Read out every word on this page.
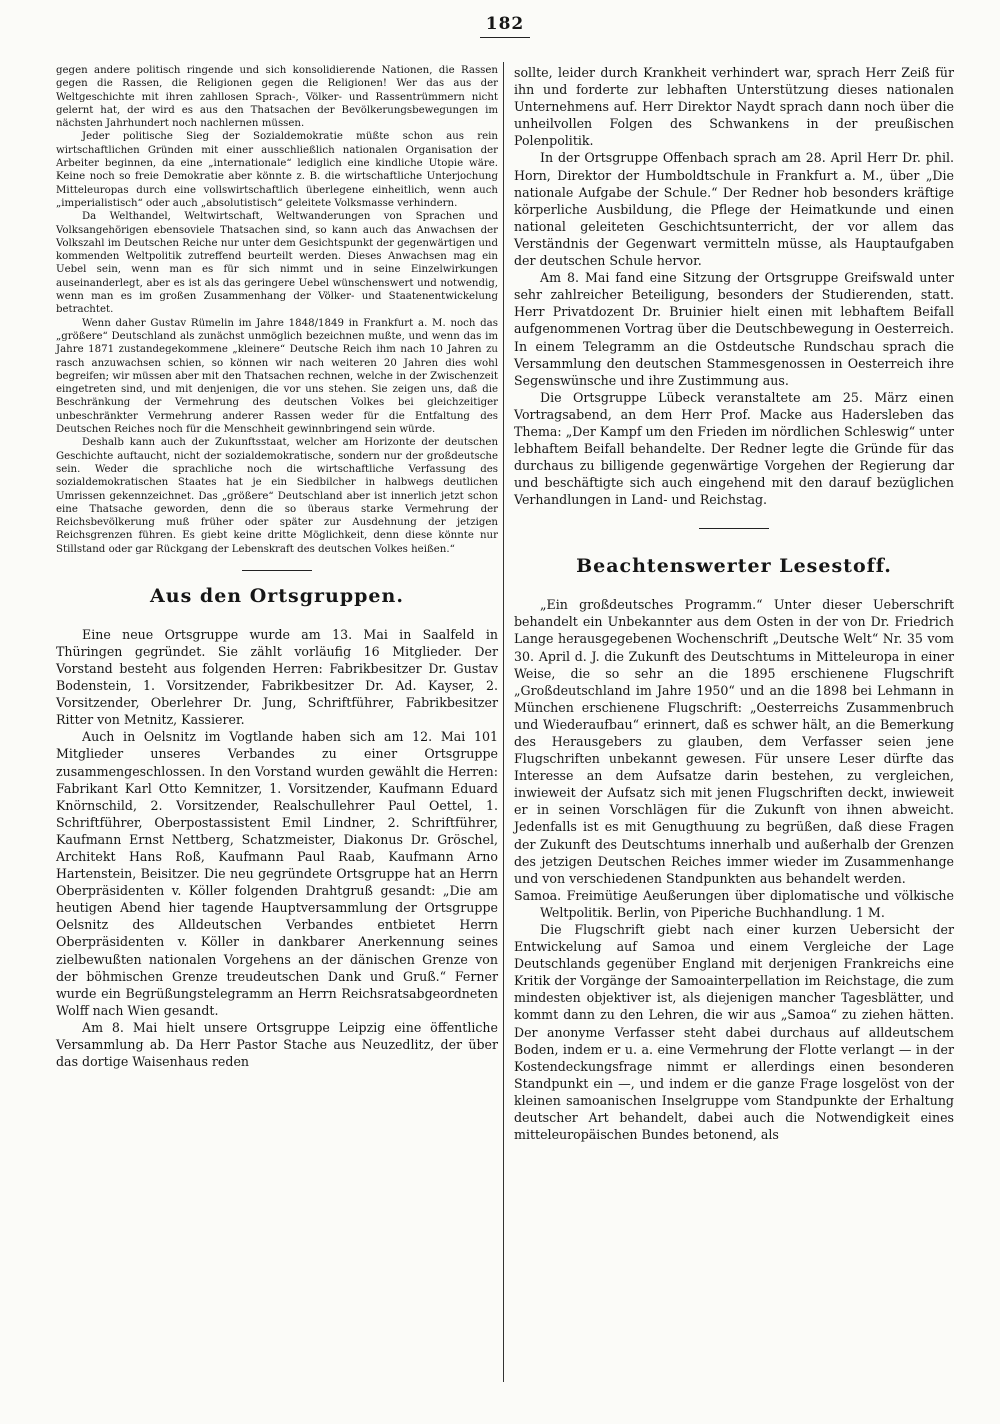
182

gegen andere politisch ringende und sich konsolidierende Nationen, die Rassen gegen die Rassen, die Religionen gegen die Religionen! Wer das aus der Weltgeschichte mit ihren zahllosen Sprach-, Völker- und Rassentrümmern nicht gelernt hat, der wird es aus den Thatsachen der Bevölkerungsbewegungen im nächsten Jahrhundert noch nachlernen müssen.

Jeder politische Sieg der Sozialdemokratie müßte schon aus rein wirtschaftlichen Gründen mit einer ausschließlich nationalen Organisation der Arbeiter beginnen, da eine „internationale“ lediglich eine kindliche Utopie wäre. Keine noch so freie Demokratie aber könnte z. B. die wirtschaftliche Unterjochung Mitteleuropas durch eine vollswirtschaftlich überlegene einheitlich, wenn auch „imperialistisch“ oder auch „absolutistisch“ geleitete Volksmasse verhindern.

Da Welthandel, Weltwirtschaft, Weltwanderungen von Sprachen und Volksangehörigen ebensoviele Thatsachen sind, so kann auch das Anwachsen der Volkszahl im Deutschen Reiche nur unter dem Gesichtspunkt der gegenwärtigen und kommenden Weltpolitik zutreffend beurteilt werden. Dieses Anwachsen mag ein Uebel sein, wenn man es für sich nimmt und in seine Einzelwirkungen auseinanderlegt, aber es ist als das geringere Uebel wünschenswert und notwendig, wenn man es im großen Zusammenhang der Völker- und Staatenentwickelung betrachtet.

Wenn daher Gustav Rümelin im Jahre 1848/1849 in Frankfurt a. M. noch das „größere“ Deutschland als zunächst unmöglich bezeichnen mußte, und wenn das im Jahre 1871 zustandegekommene „kleinere“ Deutsche Reich ihm nach 10 Jahren zu rasch anzuwachsen schien, so können wir nach weiteren 20 Jahren dies wohl begreifen; wir müssen aber mit den Thatsachen rechnen, welche in der Zwischenzeit eingetreten sind, und mit denjenigen, die vor uns stehen. Sie zeigen uns, daß die Beschränkung der Vermehrung des deutschen Volkes bei gleichzeitiger unbeschränkter Vermehrung anderer Rassen weder für die Entfaltung des Deutschen Reiches noch für die Menschheit gewinnbringend sein würde.

Deshalb kann auch der Zukunftsstaat, welcher am Horizonte der deutschen Geschichte auftaucht, nicht der sozialdemokratische, sondern nur der großdeutsche sein. Weder die sprachliche noch die wirtschaftliche Verfassung des sozialdemokratischen Staates hat je ein Siedbilcher in halbwegs deutlichen Umrissen gekennzeichnet. Das „größere“ Deutschland aber ist innerlich jetzt schon eine Thatsache geworden, denn die so überaus starke Vermehrung der Reichsbevölkerung muß früher oder später zur Ausdehnung der jetzigen Reichsgrenzen führen. Es giebt keine dritte Möglichkeit, denn diese könnte nur Stillstand oder gar Rückgang der Lebenskraft des deutschen Volkes heißen.“

Aus den Ortsgruppen.

Eine neue Ortsgruppe wurde am 13. Mai in Saalfeld in Thüringen gegründet. Sie zählt vorläufig 16 Mitglieder. Der Vorstand besteht aus folgenden Herren: Fabrikbesitzer Dr. Gustav Bodenstein, 1. Vorsitzender, Fabrikbesitzer Dr. Ad. Kayser, 2. Vorsitzender, Oberlehrer Dr. Jung, Schriftführer, Fabrikbesitzer Ritter von Metnitz, Kassierer.

Auch in Oelsnitz im Vogtlande haben sich am 12. Mai 101 Mitglieder unseres Verbandes zu einer Ortsgruppe zusammengeschlossen. In den Vorstand wurden gewählt die Herren: Fabrikant Karl Otto Kemnitzer, 1. Vorsitzender, Kaufmann Eduard Knörnschild, 2. Vorsitzender, Realschullehrer Paul Oettel, 1. Schriftführer, Oberpostassistent Emil Lindner, 2. Schriftführer, Kaufmann Ernst Nettberg, Schatzmeister, Diakonus Dr. Gröschel, Architekt Hans Roß, Kaufmann Paul Raab, Kaufmann Arno Hartenstein, Beisitzer. Die neu gegründete Ortsgruppe hat an Herrn Oberpräsidenten v. Köller folgenden Drahtgruß gesandt: „Die am heutigen Abend hier tagende Hauptversammlung der Ortsgruppe Oelsnitz des Alldeutschen Verbandes entbietet Herrn Oberpräsidenten v. Köller in dankbarer Anerkennung seines zielbewußten nationalen Vorgehens an der dänischen Grenze von der böhmischen Grenze treudeutschen Dank und Gruß.“ Ferner wurde ein Begrüßungstelegramm an Herrn Reichsratsabgeordneten Wolff nach Wien gesandt.

Am 8. Mai hielt unsere Ortsgruppe Leipzig eine öffentliche Versammlung ab. Da Herr Pastor Stache aus Neuzedlitz, der über das dortige Waisenhaus reden

sollte, leider durch Krankheit verhindert war, sprach Herr Zeiß für ihn und forderte zur lebhaften Unterstützung dieses nationalen Unternehmens auf. Herr Direktor Naydt sprach dann noch über die unheilvollen Folgen des Schwankens in der preußischen Polenpolitik.

In der Ortsgruppe Offenbach sprach am 28. April Herr Dr. phil. Horn, Direktor der Humboldtschule in Frankfurt a. M., über „Die nationale Aufgabe der Schule.“ Der Redner hob besonders kräftige körperliche Ausbildung, die Pflege der Heimatkunde und einen national geleiteten Geschichtsunterricht, der vor allem das Verständnis der Gegenwart vermitteln müsse, als Hauptaufgaben der deutschen Schule hervor.

Am 8. Mai fand eine Sitzung der Ortsgruppe Greifswald unter sehr zahlreicher Beteiligung, besonders der Studierenden, statt. Herr Privatdozent Dr. Bruinier hielt einen mit lebhaftem Beifall aufgenommenen Vortrag über die Deutschbewegung in Oesterreich. In einem Telegramm an die Ostdeutsche Rundschau sprach die Versammlung den deutschen Stammesgenossen in Oesterreich ihre Segenswünsche und ihre Zustimmung aus.

Die Ortsgruppe Lübeck veranstaltete am 25. März einen Vortragsabend, an dem Herr Prof. Macke aus Hadersleben das Thema: „Der Kampf um den Frieden im nördlichen Schleswig“ unter lebhaftem Beifall behandelte. Der Redner legte die Gründe für das durchaus zu billigende gegenwärtige Vorgehen der Regierung dar und beschäftigte sich auch eingehend mit den darauf bezüglichen Verhandlungen in Land- und Reichstag.

Beachtenswerter Lesestoff.

„Ein großdeutsches Programm.“ Unter dieser Ueberschrift behandelt ein Unbekannter aus dem Osten in der von Dr. Friedrich Lange herausgegebenen Wochenschrift „Deutsche Welt“ Nr. 35 vom 30. April d. J. die Zukunft des Deutschtums in Mitteleuropa in einer Weise, die so sehr an die 1895 erschienene Flugschrift „Großdeutschland im Jahre 1950“ und an die 1898 bei Lehmann in München erschienene Flugschrift: „Oesterreichs Zusammenbruch und Wiederaufbau“ erinnert, daß es schwer hält, an die Bemerkung des Herausgebers zu glauben, dem Verfasser seien jene Flugschriften unbekannt gewesen. Für unsere Leser dürfte das Interesse an dem Aufsatze darin bestehen, zu vergleichen, inwieweit der Aufsatz sich mit jenen Flugschriften deckt, inwieweit er in seinen Vorschlägen für die Zukunft von ihnen abweicht. Jedenfalls ist es mit Genugthuung zu begrüßen, daß diese Fragen der Zukunft des Deutschtums innerhalb und außerhalb der Grenzen des jetzigen Deutschen Reiches immer wieder im Zusammenhange und von verschiedenen Standpunkten aus behandelt werden.

Samoa. Freimütige Aeußerungen über diplomatische und völkische Weltpolitik. Berlin, von Piperiche Buchhandlung. 1 M.

Die Flugschrift giebt nach einer kurzen Uebersicht der Entwickelung auf Samoa und einem Vergleiche der Lage Deutschlands gegenüber England mit derjenigen Frankreichs eine Kritik der Vorgänge der Samoainterpellation im Reichstage, die zum mindesten objektiver ist, als diejenigen mancher Tagesblätter, und kommt dann zu den Lehren, die wir aus „Samoa“ zu ziehen hätten. Der anonyme Verfasser steht dabei durchaus auf alldeutschem Boden, indem er u. a. eine Vermehrung der Flotte verlangt — in der Kostendeckungsfrage nimmt er allerdings einen besonderen Standpunkt ein —, und indem er die ganze Frage losgelöst von der kleinen samoanischen Inselgruppe vom Standpunkte der Erhaltung deutscher Art behandelt, dabei auch die Notwendigkeit eines mitteleuropäischen Bundes betonend, als
